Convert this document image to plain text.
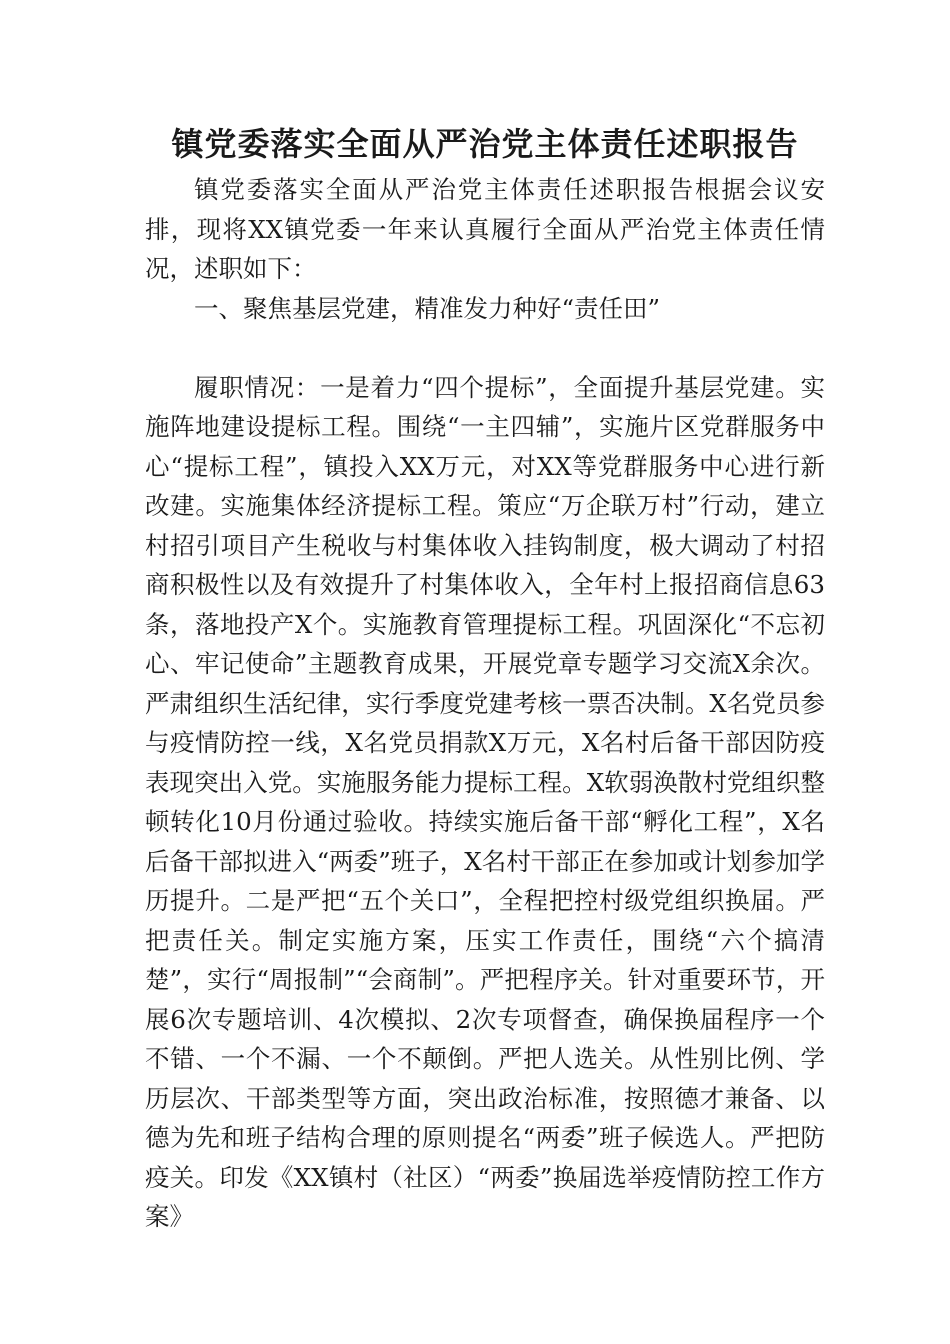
镇党委落实全面从严治党主体责任述职报告

镇党委落实全面从严治党主体责任述职报告根据会议安排，现将XX镇党委一年来认真履行全面从严治党主体责任情况，述职如下：

一、聚焦基层党建，精准发力种好“责任田”

履职情况：一是着力“四个提标”，全面提升基层党建。实施阵地建设提标工程。围绕“一主四辅”，实施片区党群服务中心“提标工程”，镇投入XX万元，对XX等党群服务中心进行新改建。实施集体经济提标工程。策应“万企联万村”行动，建立村招引项目产生税收与村集体收入挂钩制度，极大调动了村招商积极性以及有效提升了村集体收入，全年村上报招商信息63条，落地投产X个。实施教育管理提标工程。巩固深化“不忘初心、牢记使命”主题教育成果，开展党章专题学习交流X余次。严肃组织生活纪律，实行季度党建考核一票否决制。X名党员参与疫情防控一线，X名党员捐款X万元，X名村后备干部因防疫表现突出入党。实施服务能力提标工程。X软弱涣散村党组织整顿转化10月份通过验收。持续实施后备干部“孵化工程”，X名后备干部拟进入“两委”班子，X名村干部正在参加或计划参加学历提升。二是严把“五个关口”，全程把控村级党组织换届。严把责任关。制定实施方案，压实工作责任，围绕“六个搞清楚”，实行“周报制”“会商制”。严把程序关。针对重要环节，开展6次专题培训、4次模拟、2次专项督查，确保换届程序一个不错、一个不漏、一个不颠倒。严把人选关。从性别比例、学历层次、干部类型等方面，突出政治标准，按照德才兼备、以德为先和班子结构合理的原则提名“两委”班子候选人。严把防疫关。印发《XX镇村（社区）“两委”换届选举疫情防控工作方案》
